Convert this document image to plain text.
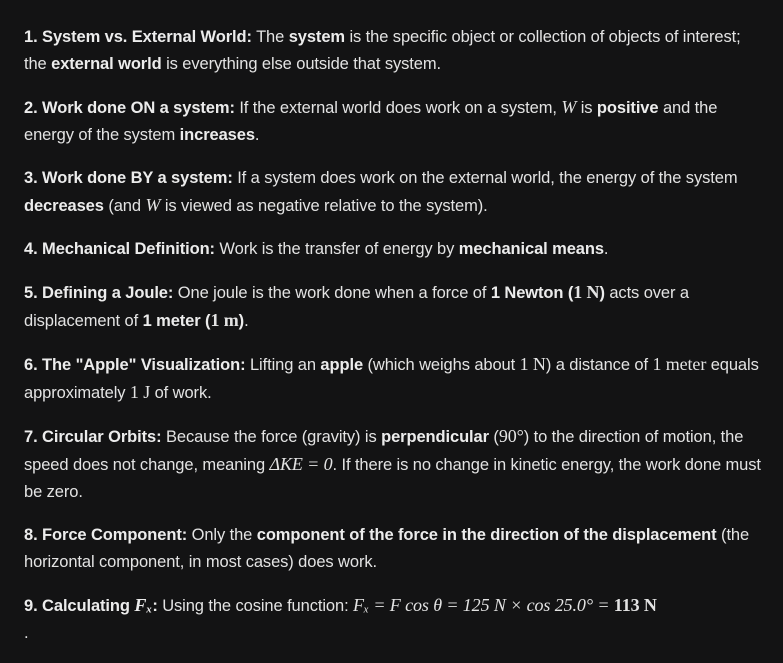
1. System vs. External World: The system is the specific object or collection of objects of interest; the external world is everything else outside that system.

2. Work done ON a system: If the external world does work on a system, W is positive and the energy of the system increases.

3. Work done BY a system: If a system does work on the external world, the energy of the system decreases (and W is viewed as negative relative to the system).

4. Mechanical Definition: Work is the transfer of energy by mechanical means.

5. Defining a Joule: One joule is the work done when a force of 1 Newton (1 N) acts over a displacement of 1 meter (1 m).

6. The "Apple" Visualization: Lifting an apple (which weighs about 1 N) a distance of 1 meter equals approximately 1 J of work.

7. Circular Orbits: Because the force (gravity) is perpendicular (90°) to the direction of motion, the speed does not change, meaning ΔKE = 0. If there is no change in kinetic energy, the work done must be zero.

8. Force Component: Only the component of the force in the direction of the displacement (the horizontal component, in most cases) does work.

9. Calculating Fₓ: Using the cosine function: Fₓ = F cos θ = 125 N × cos 25.0° = 113 N
.
